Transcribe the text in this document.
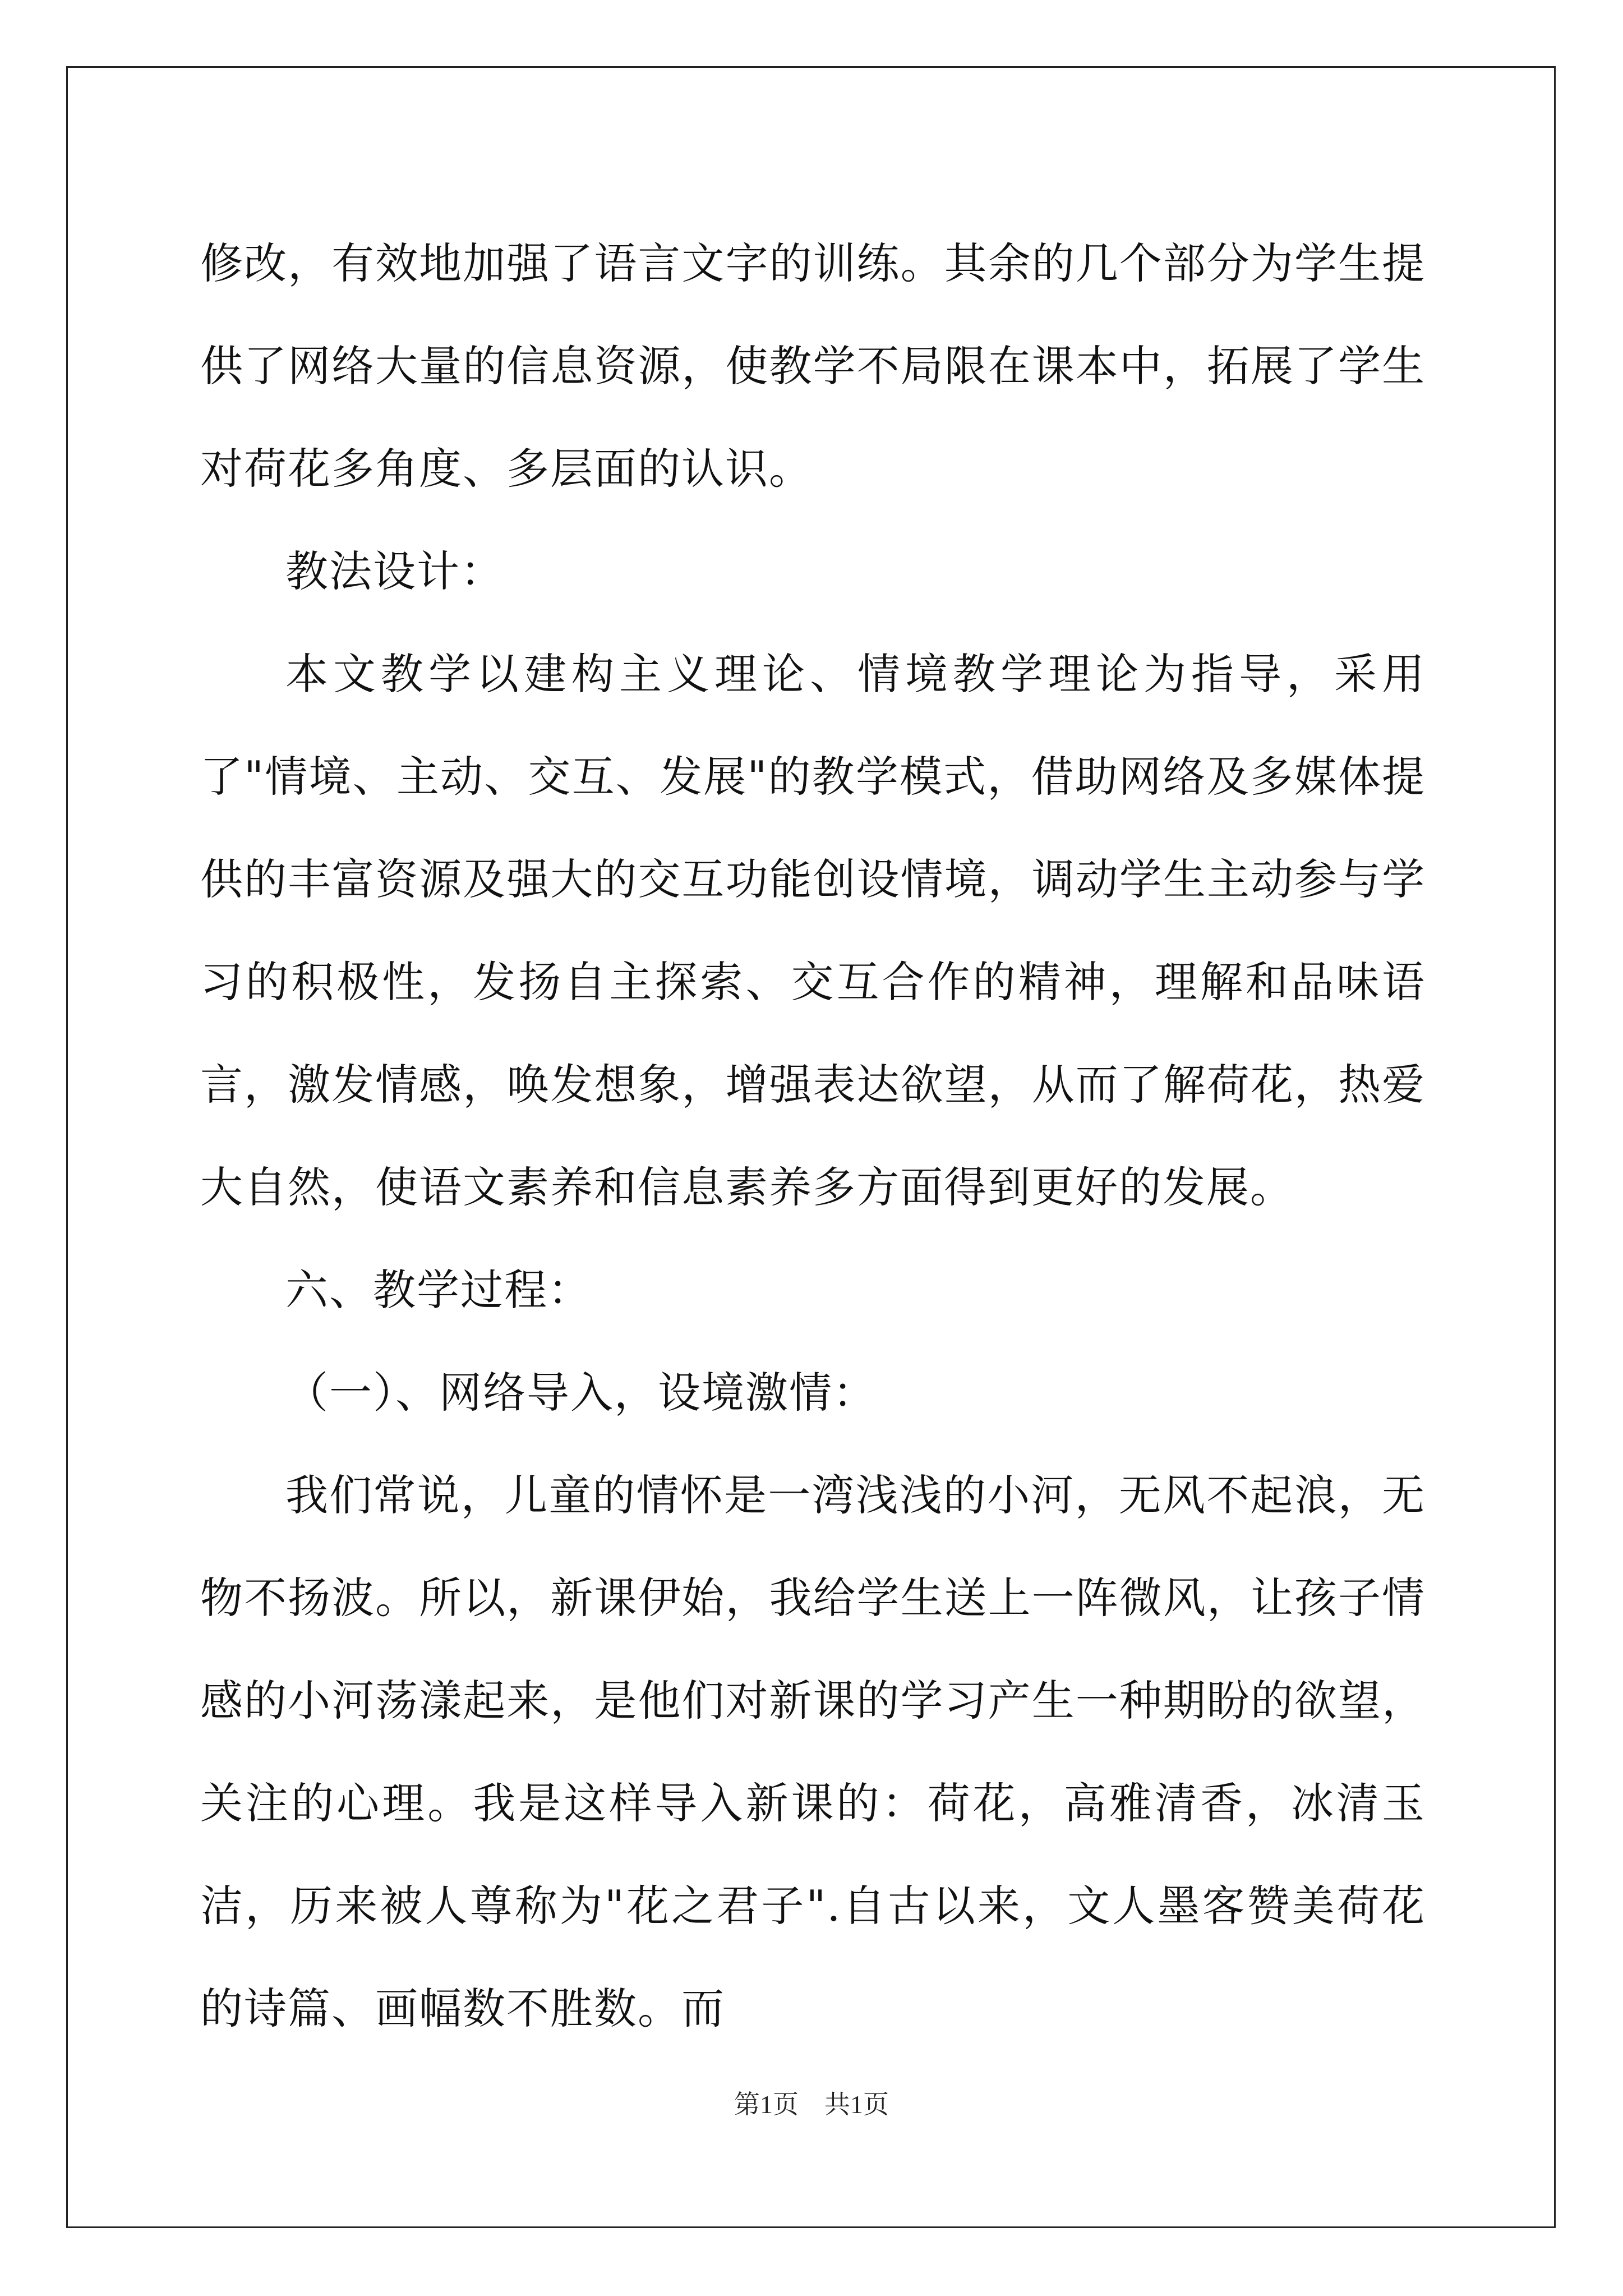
修改，有效地加强了语言文字的训练。其余的几个部分为学生提供了网络大量的信息资源，使教学不局限在课本中，拓展了学生对荷花多角度、多层面的认识。

教法设计：

本文教学以建构主义理论、情境教学理论为指导，采用了"情境、主动、交互、发展"的教学模式，借助网络及多媒体提供的丰富资源及强大的交互功能创设情境，调动学生主动参与学习的积极性，发扬自主探索、交互合作的精神，理解和品味语言，激发情感，唤发想象，增强表达欲望，从而了解荷花，热爱大自然，使语文素养和信息素养多方面得到更好的发展。

六、教学过程：

（一）、网络导入，设境激情：

我们常说，儿童的情怀是一湾浅浅的小河，无风不起浪，无物不扬波。所以，新课伊始，我给学生送上一阵微风，让孩子情感的小河荡漾起来，是他们对新课的学习产生一种期盼的欲望，关注的心理。我是这样导入新课的：荷花，高雅清香，冰清玉洁，历来被人尊称为"花之君子".自古以来，文人墨客赞美荷花的诗篇、画幅数不胜数。而

第1页　共1页
